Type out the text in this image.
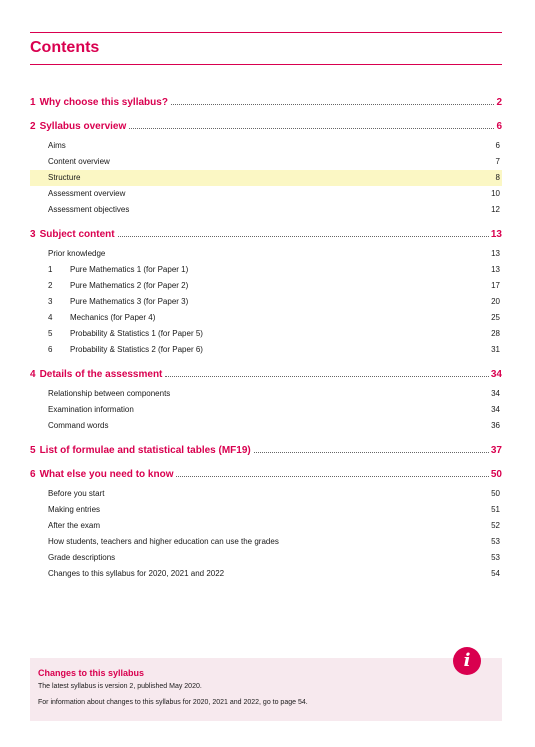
Contents
1 Why choose this syllabus?	2
2 Syllabus overview	6
Aims	6
Content overview	7
Structure	8
Assessment overview	10
Assessment objectives	12
3 Subject content	13
Prior knowledge	13
1	Pure Mathematics 1 (for Paper 1)	13
2	Pure Mathematics 2 (for Paper 2)	17
3	Pure Mathematics 3 (for Paper 3)	20
4	Mechanics (for Paper 4)	25
5	Probability & Statistics 1 (for Paper 5)	28
6	Probability & Statistics 2 (for Paper 6)	31
4 Details of the assessment	34
Relationship between components	34
Examination information	34
Command words	36
5 List of formulae and statistical tables (MF19)	37
6 What else you need to know	50
Before you start	50
Making entries	51
After the exam	52
How students, teachers and higher education can use the grades	53
Grade descriptions	53
Changes to this syllabus for 2020, 2021 and 2022	54
Changes to this syllabus
The latest syllabus is version 2, published May 2020.
For information about changes to this syllabus for 2020, 2021 and 2022, go to page 54.
i
